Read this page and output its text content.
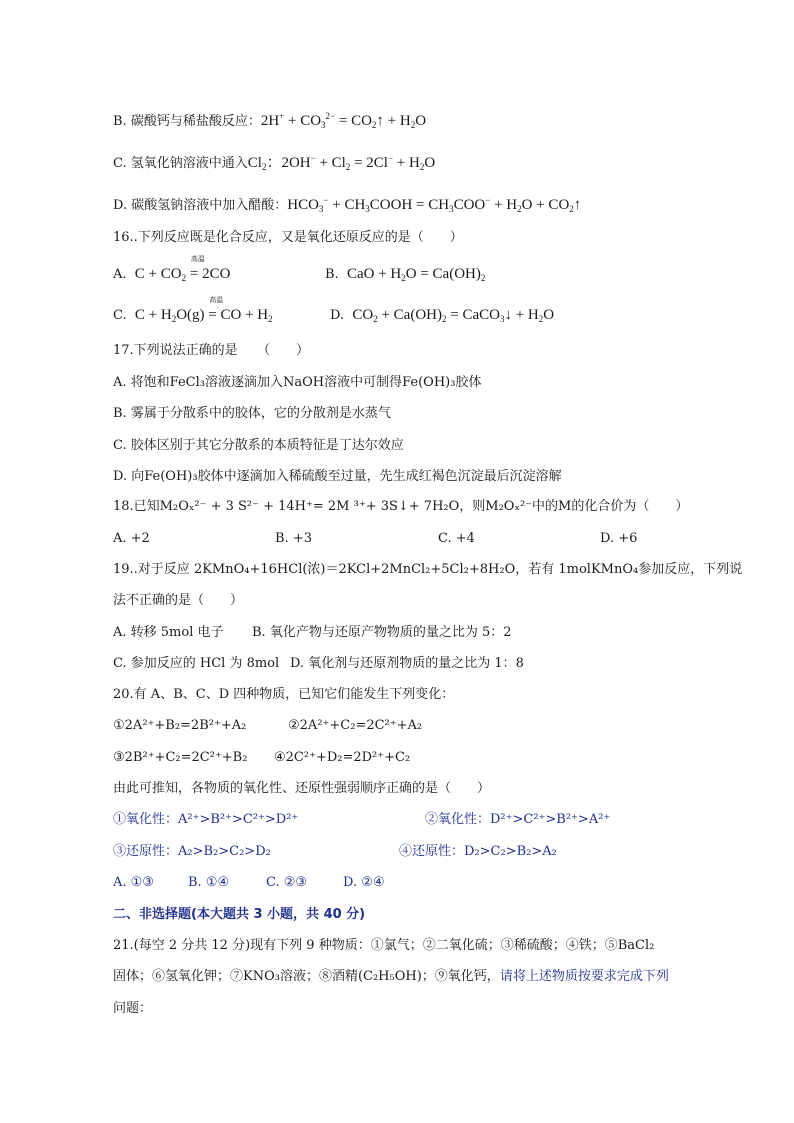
B. 碳酸钙与稀盐酸反应：$2H^+ + CO_3^{2-}$ = $CO_2↑ + H_2O$
C. 氢氧化钠溶液中通入$Cl_2$：$2OH^- + Cl_2 = 2Cl^- + H_2O$
D. 碳酸氢钠溶液中加入醋酸：$HCO_3^-$ + $CH_3COOH = CH_3COO^- + H_2O$ + $CO_2↑$
16..下列反应既是化合反应，又是氧化还原反应的是（　　）
A.  $C + CO_2$
高温
= 2CO	B.  CaO + $H_2O = Ca(OH)_2$
C.  $C + H_2O(g)$
高温
= CO + $H_2$	D.  $CO_2 + Ca(OH)_2$ = CaCO$_3$↓ + $H_2O$
17.下列说法正确的是　　（　　）
A. 将饱和FeCl₃溶液逐滴加入NaOH溶液中可制得Fe(OH)₃胶体
B. 雾属于分散系中的胶体，它的分散剂是水蒸气
C. 胶体区别于其它分散系的本质特征是丁达尔效应
D. 向Fe(OH)₃胶体中逐滴加入稀硫酸至过量，先生成红褐色沉淀最后沉淀溶解
18.已知M₂Oₓ²⁻ + 3 S²⁻ + 14H⁺= 2M ³⁺+ 3S↓+ 7H₂O，则M₂Oₓ²⁻中的M的化合价为（　　）
A. +2	B. +3	C. +4	D. +6
19..对于反应 2KMnO₄+16HCl(浓)＝2KCl+2MnCl₂+5Cl₂+8H₂O，若有 1molKMnO₄参加反应，下列说
法不正确的是（　　）
A. 转移 5mol 电子 B. 氧化产物与还原产物物质的量之比为 5：2
C. 参加反应的 HCl 为 8mol D. 氧化剂与还原剂物质的量之比为 1：8
20.有 A、B、C、D 四种物质，已知它们能发生下列变化：
①2A²⁺+B₂=2B²⁺+A₂	②2A²⁺+C₂=2C²⁺+A₂
③2B²⁺+C₂=2C²⁺+B₂ ④2C²⁺+D₂=2D²⁺+C₂
由此可推知，各物质的氧化性、还原性强弱顺序正确的是（　　）
①氧化性：A²⁺>B²⁺>C²⁺>D²⁺	②氧化性：D²⁺>C²⁺>B²⁺>A²⁺
③还原性：A₂>B₂>C₂>D₂	④还原性：D₂>C₂>B₂>A₂
A. ①③	B. ①④	C. ②③	D. ②④
二、非选择题(本大题共 3 小题，共 40 分)
21.(每空 2 分共 12 分)现有下列 9 种物质：①氯气；②二氧化硫；③稀硫酸；④铁；⑤BaCl₂
固体；⑥氢氧化钾；⑦KNO₃溶液；⑧酒精(C₂H₅OH)；⑨氧化钙，请将上述物质按要求完成下列
问题：
